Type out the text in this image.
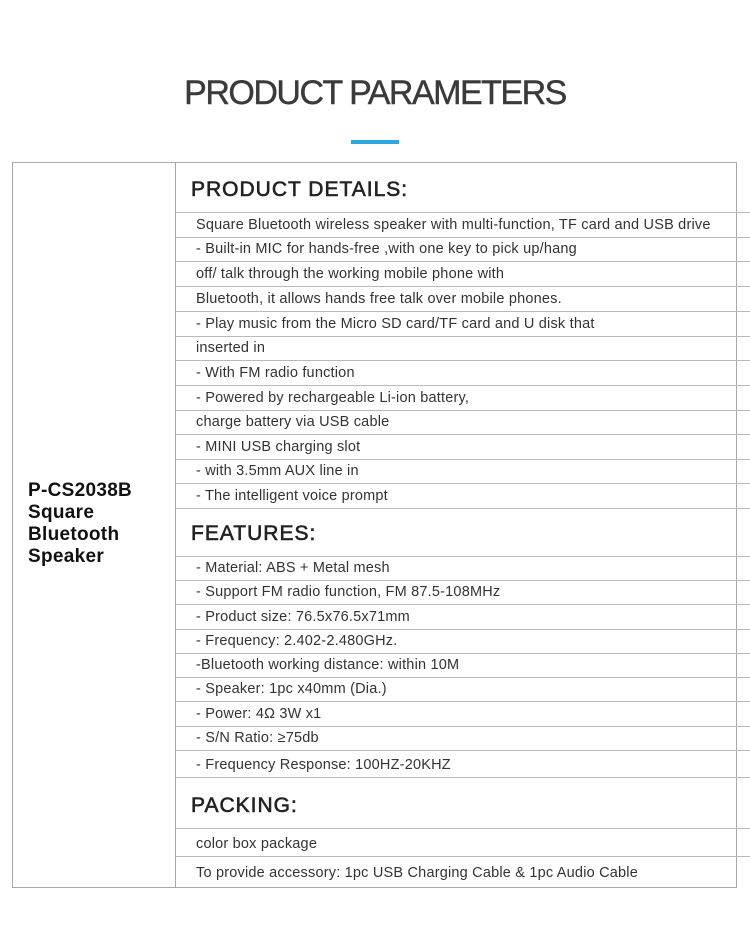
PRODUCT PARAMETERS
P-CS2038B
Square
Bluetooth
Speaker
PRODUCT DETAILS:
Square Bluetooth wireless speaker with multi-function, TF card and USB drive
- Built-in MIC for hands-free ,with one key to pick up/hang
off/ talk through the working mobile phone with
Bluetooth, it allows hands free talk over mobile phones.
- Play music from the Micro SD card/TF card and U disk that
inserted in
- With FM radio function
- Powered by rechargeable Li-ion battery,
charge battery via USB cable
- MINI USB charging slot
- with 3.5mm AUX line in
- The intelligent voice prompt
FEATURES:
- Material: ABS + Metal mesh
- Support FM radio function, FM 87.5-108MHz
- Product size: 76.5x76.5x71mm
- Frequency: 2.402-2.480GHz.
-Bluetooth working distance: within 10M
- Speaker: 1pc x40mm (Dia.)
- Power: 4Ω 3W x1
- S/N Ratio: ≥75db
- Frequency Response: 100HZ-20KHZ
PACKING:
color box package
To provide accessory: 1pc USB Charging Cable & 1pc Audio Cable
